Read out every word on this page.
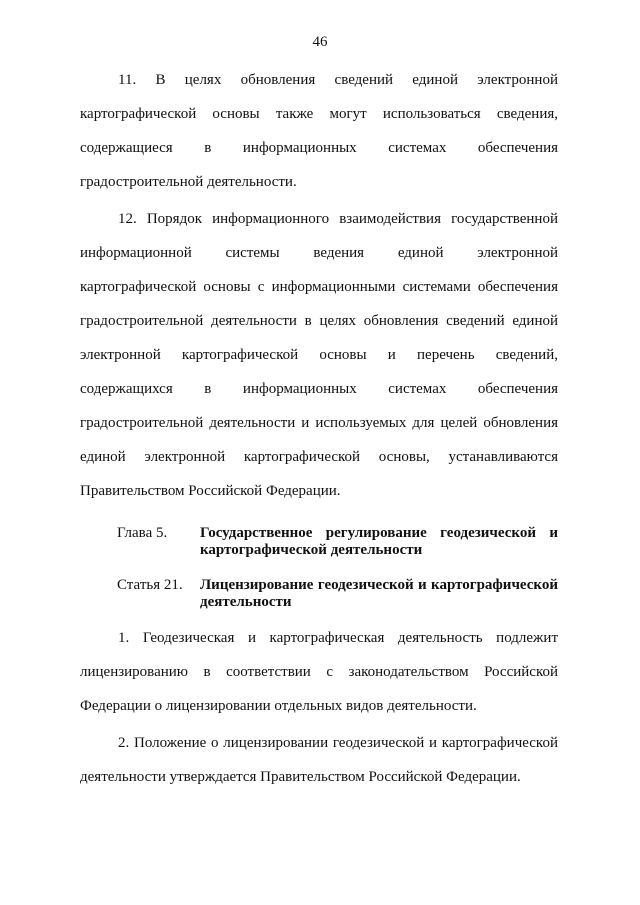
46
11. В целях обновления сведений единой электронной
картографической основы также могут использоваться сведения,
содержащиеся в информационных системах обеспечения
градостроительной деятельности.
12. Порядок информационного взаимодействия государственной
информационной системы ведения единой электронной
картографической основы с информационными системами обеспечения
градостроительной деятельности в целях обновления сведений единой
электронной картографической основы и перечень сведений,
содержащихся в информационных системах обеспечения
градостроительной деятельности и используемых для целей обновления
единой электронной картографической основы, устанавливаются
Правительством Российской Федерации.
Глава 5.	Государственное регулирование геодезической и картографической деятельности
Статья 21.	Лицензирование геодезической и картографической деятельности
1. Геодезическая и картографическая деятельность подлежит
лицензированию в соответствии с законодательством Российской
Федерации о лицензировании отдельных видов деятельности.
2. Положение о лицензировании геодезической и картографической
деятельности утверждается Правительством Российской Федерации.
